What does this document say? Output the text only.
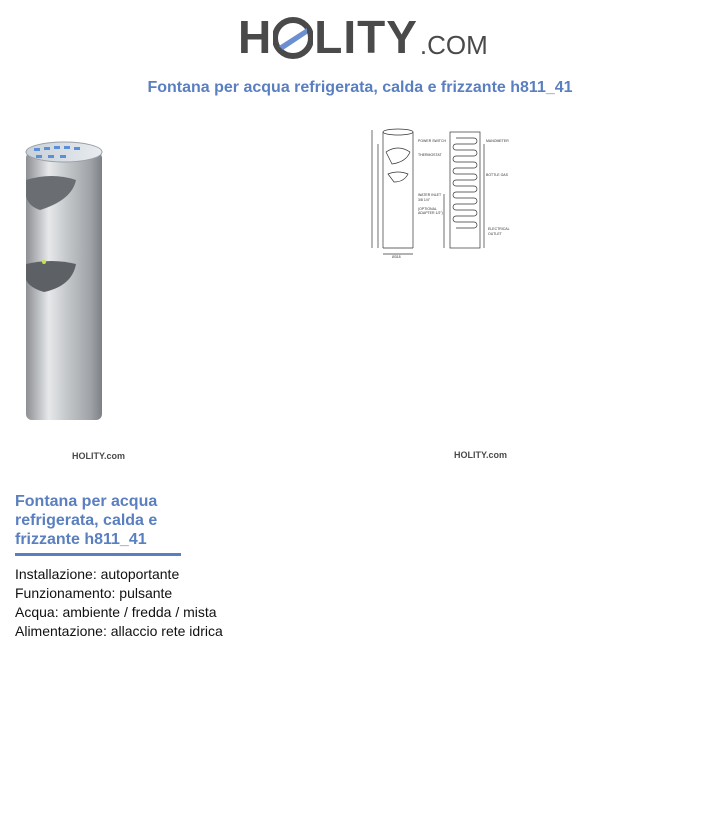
H LITY .COM
Fontana per acqua refrigerata, calda e frizzante h811_41
HOLITY.com
POWER SWITCH
THERMOSTAT
WATER INLET
3/8 1/4"
(OPTIONAL
ADAPTER 1/2")
MANOMETER
BOTTLE GAS
ELECTRICAL
OUTLET
Ø318
HOLITY.com
Fontana per acqua refrigerata, calda e frizzante h811_41
Installazione: autoportante
Funzionamento: pulsante
Acqua: ambiente / fredda / mista
Alimentazione: allaccio rete idrica
